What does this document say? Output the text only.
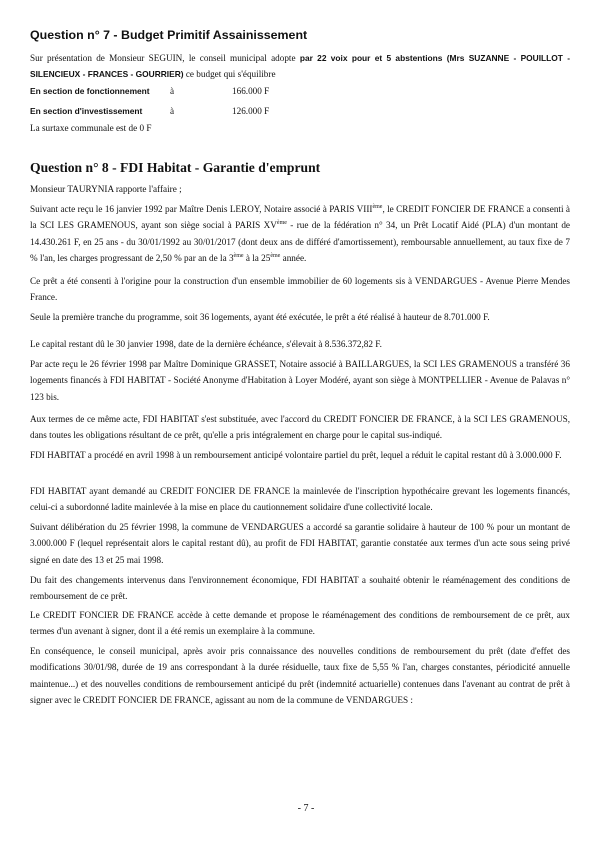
Question n° 7 - Budget Primitif Assainissement

Sur présentation de Monsieur SEGUIN, le conseil municipal adopte par 22 voix pour et 5 abstentions (Mrs SUZANNE - POUILLOT - SILENCIEUX - FRANCES - GOURRIER) ce budget qui s'équilibre

En section de fonctionnement à	166.000 F
En section d'investissement	à	126.000 F

La surtaxe communale est de 0 F

Question n° 8 - FDI Habitat - Garantie d'emprunt

Monsieur TAURYNIA rapporte l'affaire ;

Suivant acte reçu le 16 janvier 1992 par Maître Denis LEROY, Notaire associé à PARIS VIIIème, le CREDIT FONCIER DE FRANCE a consenti à la SCI LES GRAMENOUS, ayant son siège social à PARIS XVème - rue de la fédération n° 34, un Prêt Locatif Aidé (PLA) d'un montant de 14.430.261 F, en 25 ans - du 30/01/1992 au 30/01/2017 (dont deux ans de différé d'amortissement), remboursable annuellement, au taux fixe de 7 % l'an, les charges progressant de 2,50 % par an de la 3ème à la 25ème année.

Ce prêt a été consenti à l'origine pour la construction d'un ensemble immobilier de 60 logements sis à VENDARGUES - Avenue Pierre Mendes France.

Seule la première tranche du programme, soit 36 logements, ayant été exécutée, le prêt a été réalisé à hauteur de 8.701.000 F.

Le capital restant dû le 30 janvier 1998, date de la dernière échéance, s'élevait à 8.536.372,82 F.

Par acte reçu le 26 février 1998 par Maître Dominique GRASSET, Notaire associé à BAILLARGUES, la SCI LES GRAMENOUS a transféré 36 logements financés à FDI HABITAT - Société Anonyme d'Habitation à Loyer Modéré, ayant son siège à MONTPELLIER - Avenue de Palavas n° 123 bis.

Aux termes de ce même acte, FDI HABITAT s'est substituée, avec l'accord du CREDIT FONCIER DE FRANCE, à la SCI LES GRAMENOUS, dans toutes les obligations résultant de ce prêt, qu'elle a pris intégralement en charge pour le capital sus-indiqué.

FDI HABITAT a procédé en avril 1998 à un remboursement anticipé volontaire partiel du prêt, lequel a réduit le capital restant dû à 3.000.000 F.

FDI HABITAT ayant demandé au CREDIT FONCIER DE FRANCE la mainlevée de l'inscription hypothécaire grevant les logements financés, celui-ci a subordonné ladite mainlevée à la mise en place du cautionnement solidaire d'une collectivité locale.

Suivant délibération du 25 février 1998, la commune de VENDARGUES a accordé sa garantie solidaire à hauteur de 100 % pour un montant de 3.000.000 F (lequel représentait alors le capital restant dû), au profit de FDI HABITAT, garantie constatée aux termes d'un acte sous seing privé signé en date des 13 et 25 mai 1998.

Du fait des changements intervenus dans l'environnement économique, FDI HABITAT a souhaité obtenir le réaménagement des conditions de remboursement de ce prêt.

Le CREDIT FONCIER DE FRANCE accède à cette demande et propose le réaménagement des conditions de remboursement de ce prêt, aux termes d'un avenant à signer, dont il a été remis un exemplaire à la commune.

En conséquence, le conseil municipal, après avoir pris connaissance des nouvelles conditions de remboursement du prêt (date d'effet des modifications 30/01/98, durée de 19 ans correspondant à la durée résiduelle, taux fixe de 5,55 % l'an, charges constantes, périodicité annuelle maintenue...) et des nouvelles conditions de remboursement anticipé du prêt (indemnité actuarielle) contenues dans l'avenant au contrat de prêt à signer avec le CREDIT FONCIER DE FRANCE, agissant au nom de la commune de VENDARGUES :

- 7 -
